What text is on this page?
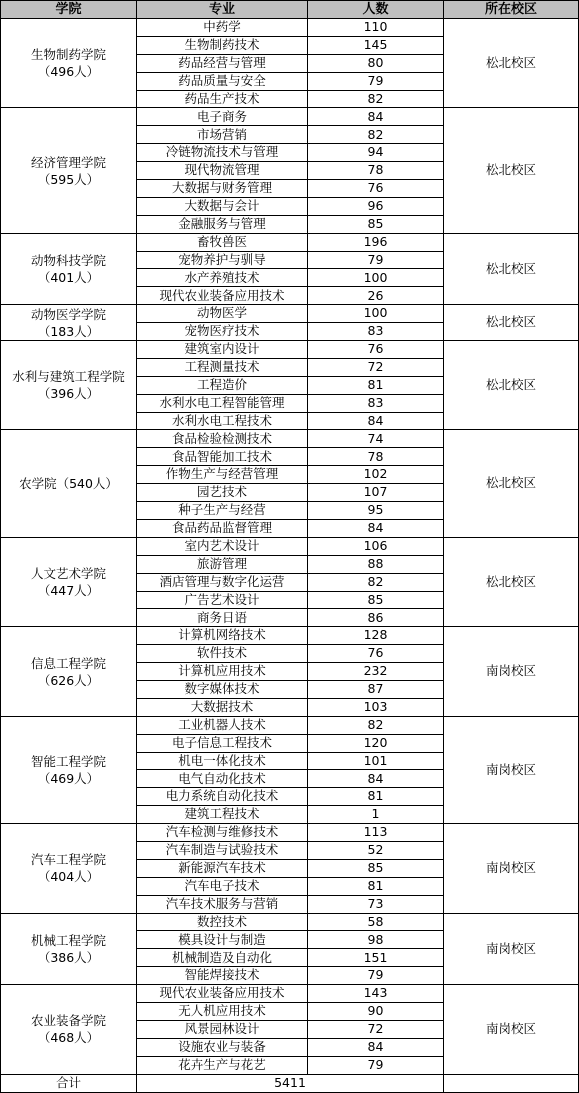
学院	专业	人数	所在校区

生物制药学院
（496人）	中药学	110	松北校区
	生物制药技术	145	
	药品经营与管理	80	
	药品质量与安全	79	
	药品生产技术	82	

经济管理学院
（595人）	电子商务	84	松北校区
	市场营销	82	
	冷链物流技术与管理	94	
	现代物流管理	78	
	大数据与财务管理	76	
	大数据与会计	96	
	金融服务与管理	85	

动物科技学院
（401人）	畜牧兽医	196	松北校区
	宠物养护与驯导	79	
	水产养殖技术	100	
	现代农业装备应用技术	26	

动物医学学院
（183人）	动物医学	100	松北校区
	宠物医疗技术	83	

水利与建筑工程学院
（396人）	建筑室内设计	76	松北校区
	工程测量技术	72	
	工程造价	81	
	水利水电工程智能管理	83	
	水利水电工程技术	84	

农学院（540人）	食品检验检测技术	74	松北校区
	食品智能加工技术	78	
	作物生产与经营管理	102	
	园艺技术	107	
	种子生产与经营	95	
	食品药品监督管理	84	

人文艺术学院
（447人）	室内艺术设计	106	松北校区
	旅游管理	88	
	酒店管理与数字化运营	82	
	广告艺术设计	85	
	商务日语	86	

信息工程学院
（626人）	计算机网络技术	128	南岗校区
	软件技术	76	
	计算机应用技术	232	
	数字媒体技术	87	
	大数据技术	103	

智能工程学院
（469人）	工业机器人技术	82	南岗校区
	电子信息工程技术	120	
	机电一体化技术	101	
	电气自动化技术	84	
	电力系统自动化技术	81	
	建筑工程技术	1	

汽车工程学院
（404人）	汽车检测与维修技术	113	南岗校区
	汽车制造与试验技术	52	
	新能源汽车技术	85	
	汽车电子技术	81	
	汽车技术服务与营销	73	

机械工程学院
（386人）	数控技术	58	南岗校区
	模具设计与制造	98	
	机械制造及自动化	151	
	智能焊接技术	79	

农业装备学院
（468人）	现代农业装备应用技术	143	南岗校区
	无人机应用技术	90	
	风景园林设计	72	
	设施农业与装备	84	
	花卉生产与花艺	79	
合计	5411		
